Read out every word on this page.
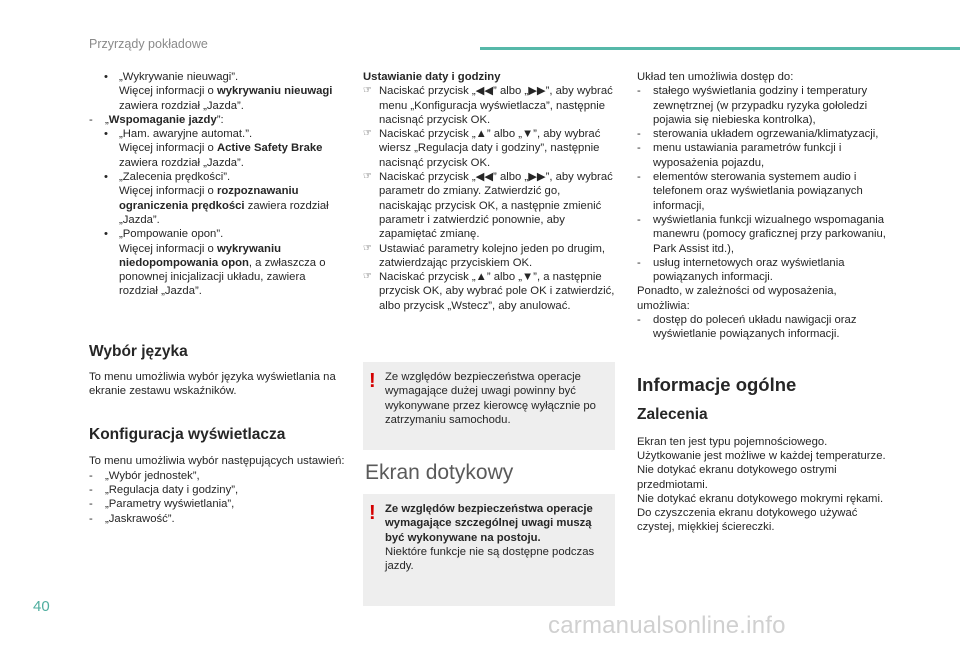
Przyrządy pokładowe
• „Wykrywanie nieuwagi”.
Więcej informacji o wykrywaniu nieuwagi zawiera rozdział „Jazda”.
- „Wspomaganie jazdy”:
• „Ham. awaryjne automat.”.
Więcej informacji o Active Safety Brake zawiera rozdział „Jazda”.
• „Zalecenia prędkości”.
Więcej informacji o rozpoznawaniu ograniczenia prędkości zawiera rozdział „Jazda”.
• „Pompowanie opon”.
Więcej informacji o wykrywaniu niedopompowania opon, a zwłaszcza o ponownej inicjalizacji układu, zawiera rozdział „Jazda”.
Wybór języka

To menu umożliwia wybór języka wyświetlania na ekranie zestawu wskaźników.

Konfiguracja wyświetlacza

To menu umożliwia wybór następujących ustawień:

- „Wybór jednostek”,
- „Regulacja daty i godziny”,
- „Parametry wyświetlania”,
- „Jaskrawość”.
Ustawianie daty i godziny
☞ Naciskać przycisk „◀◀” albo „▶▶”, aby wybrać menu „Konfiguracja wyświetlacza”, następnie nacisnąć przycisk OK.
☞ Naciskać przycisk „▲” albo „▼”, aby wybrać wiersz „Regulacja daty i godziny”, następnie nacisnąć przycisk OK.
☞ Naciskać przycisk „◀◀” albo „▶▶”, aby wybrać parametr do zmiany. Zatwierdzić go, naciskając przycisk OK, a następnie zmienić parametr i zatwierdzić ponownie, aby zapamiętać zmianę.
☞ Ustawiać parametry kolejno jeden po drugim, zatwierdzając przyciskiem OK.
☞ Naciskać przycisk „▲” albo „▼”, a następnie przycisk OK, aby wybrać pole OK i zatwierdzić, albo przycisk „Wstecz”, aby anulować.
! Ze względów bezpieczeństwa operacje wymagające dużej uwagi powinny być wykonywane przez kierowcę wyłącznie po zatrzymaniu samochodu.
Ekran dotykowy
! Ze względów bezpieczeństwa operacje wymagające szczególnej uwagi muszą być wykonywane na postoju.
Niektóre funkcje nie są dostępne podczas jazdy.

Układ ten umożliwia dostęp do:

- stałego wyświetlania godziny i temperatury zewnętrznej (w przypadku ryzyka gołoledzi pojawia się niebieska kontrolka),
- sterowania układem ogrzewania/klimatyzacji,
- menu ustawiania parametrów funkcji i wyposażenia pojazdu,
- elementów sterowania systemem audio i telefonem oraz wyświetlania powiązanych informacji,
- wyświetlania funkcji wizualnego wspomagania manewru (pomocy graficznej przy parkowaniu, Park Assist itd.),
- usług internetowych oraz wyświetlania powiązanych informacji.

Ponadto, w zależności od wyposażenia, umożliwia:

- dostęp do poleceń układu nawigacji oraz wyświetlanie powiązanych informacji.
Informacje ogólne
Zalecenia
Ekran ten jest typu pojemnościowego.
Użytkowanie jest możliwe w każdej temperaturze.
Nie dotykać ekranu dotykowego ostrymi przedmiotami.
Nie dotykać ekranu dotykowego mokrymi rękami.
Do czyszczenia ekranu dotykowego używać czystej, miękkiej ściereczki.
40
carmanualsonline.info
